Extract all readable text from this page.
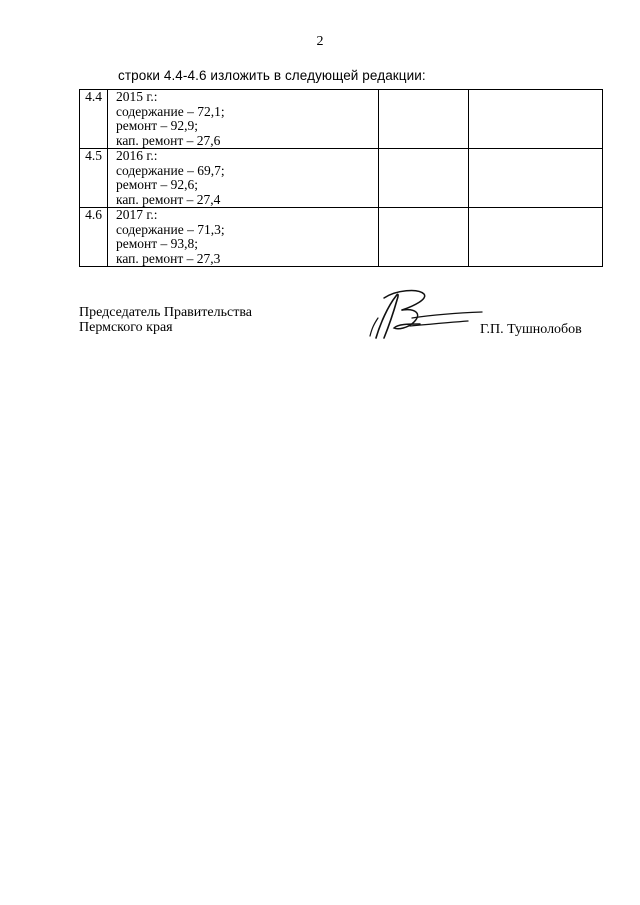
2
строки 4.4-4.6 изложить в следующей редакции:
4.4	2015 г.:
содержание – 72,1;
ремонт – 92,9;
кап. ремонт – 27,6		

4.5	2016 г.:
содержание – 69,7;
ремонт – 92,6;
кап. ремонт – 27,4		

4.6	2017 г.:
содержание – 71,3;
ремонт – 93,8;
кап. ремонт – 27,3		

Председатель Правительства
Пермского края	Г.П. Тушнолобов
